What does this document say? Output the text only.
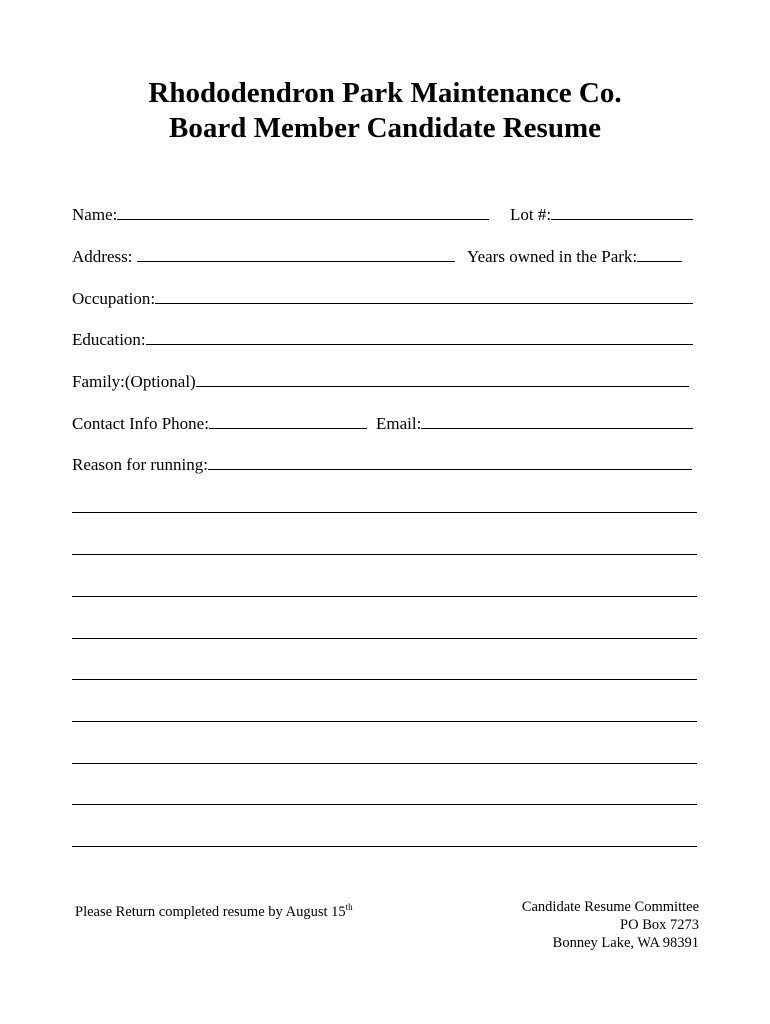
Rhododendron Park Maintenance Co.
Board Member Candidate Resume
Name:	Lot #:
Address:	Years owned in the Park:
Occupation:
Education:
Family:(Optional)
Contact Info Phone:	Email:
Reason for running:
Please Return completed resume by August 15th	Candidate Resume Committee
PO Box 7273
Bonney Lake, WA 98391
